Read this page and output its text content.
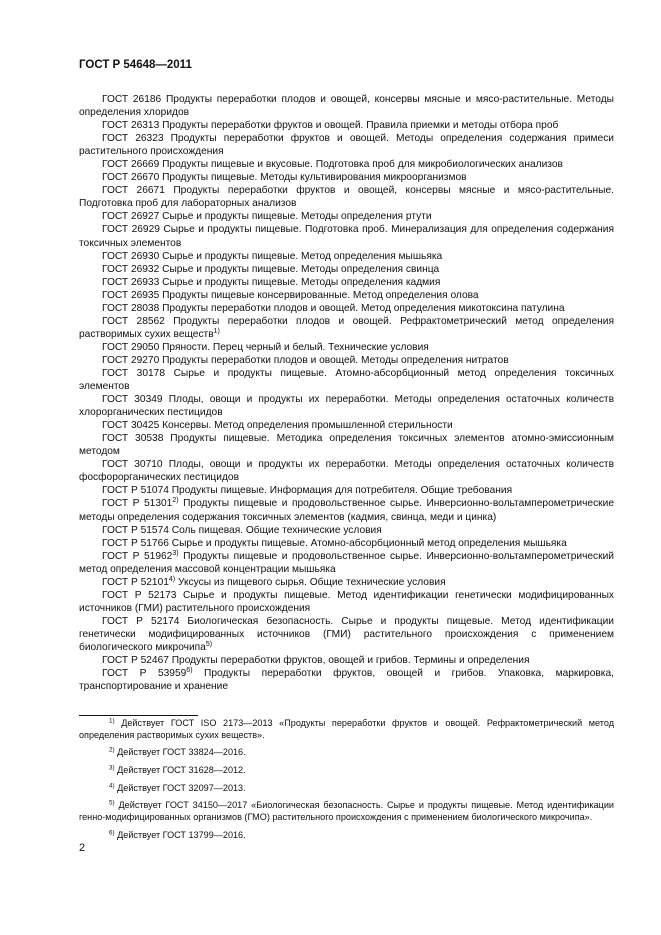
ГОСТ Р 54648—2011

ГОСТ 26186 Продукты переработки плодов и овощей, консервы мясные и мясо-растительные. Методы определения хлоридов

ГОСТ 26313 Продукты переработки фруктов и овощей. Правила приемки и методы отбора проб

ГОСТ 26323 Продукты переработки фруктов и овощей. Методы определения содержания примеси растительного происхождения

ГОСТ 26669 Продукты пищевые и вкусовые. Подготовка проб для микробиологических анализов

ГОСТ 26670 Продукты пищевые. Методы культивирования микроорганизмов

ГОСТ 26671 Продукты переработки фруктов и овощей, консервы мясные и мясо-растительные. Подготовка проб для лабораторных анализов

ГОСТ 26927 Сырье и продукты пищевые. Методы определения ртути

ГОСТ 26929 Сырье и продукты пищевые. Подготовка проб. Минерализация для определения содержания токсичных элементов

ГОСТ 26930 Сырье и продукты пищевые. Метод определения мышьяка

ГОСТ 26932 Сырье и продукты пищевые. Методы определения свинца

ГОСТ 26933 Сырье и продукты пищевые. Методы определения кадмия

ГОСТ 26935 Продукты пищевые консервированные. Метод определения олова

ГОСТ 28038 Продукты переработки плодов и овощей. Метод определения микотоксина патулина

ГОСТ 28562 Продукты переработки плодов и овощей. Рефрактометрический метод определения растворимых сухих веществ$^{1)}$

ГОСТ 29050 Пряности. Перец черный и белый. Технические условия

ГОСТ 29270 Продукты переработки плодов и овощей. Методы определения нитратов

ГОСТ 30178 Сырье и продукты пищевые. Атомно-абсорбционный метод определения токсичных элементов

ГОСТ 30349 Плоды, овощи и продукты их переработки. Методы определения остаточных количеств хлорорганических пестицидов

ГОСТ 30425 Консервы. Метод определения промышленной стерильности

ГОСТ 30538 Продукты пищевые. Методика определения токсичных элементов атомно-эмиссионным методом

ГОСТ 30710 Плоды, овощи и продукты их переработки. Методы определения остаточных количеств фосфорорганических пестицидов

ГОСТ Р 51074 Продукты пищевые. Информация для потребителя. Общие требования

ГОСТ Р 51301$^{2)}$ Продукты пищевые и продовольственное сырье. Инверсионно-вольтамперометрические методы определения содержания токсичных элементов (кадмия, свинца, меди и цинка)

ГОСТ Р 51574 Соль пищевая. Общие технические условия

ГОСТ Р 51766 Сырье и продукты пищевые. Атомно-абсорбционный метод определения мышьяка

ГОСТ Р 51962$^{3)}$ Продукты пищевые и продовольственное сырье. Инверсионно-вольтамперометрический метод определения массовой концентрации мышьяка

ГОСТ Р 52101$^{4)}$ Уксусы из пищевого сырья. Общие технические условия

ГОСТ Р 52173 Сырье и продукты пищевые. Метод идентификации генетически модифицированных источников (ГМИ) растительного происхождения

ГОСТ Р 52174 Биологическая безопасность. Сырье и продукты пищевые. Метод идентификации генетически модифицированных источников (ГМИ) растительного происхождения с применением биологического микрочипа$^{5)}$

ГОСТ Р 52467 Продукты переработки фруктов, овощей и грибов. Термины и определения

ГОСТ Р 53959$^{6)}$ Продукты переработки фруктов, овощей и грибов. Упаковка, маркировка, транспортирование и хранение

$^{1)}$ Действует ГОСТ ISO 2173—2013 «Продукты переработки фруктов и овощей. Рефрактометрический метод определения растворимых сухих веществ».

$^{2)}$ Действует ГОСТ 33824—2016.

$^{3)}$ Действует ГОСТ 31628—2012.

$^{4)}$ Действует ГОСТ 32097—2013.

$^{5)}$ Действует ГОСТ 34150—2017 «Биологическая безопасность. Сырье и продукты пищевые. Метод идентификации генно-модифицированных организмов (ГМО) растительного происхождения с применением биологического микрочипа».

$^{6)}$ Действует ГОСТ 13799—2016.

2
